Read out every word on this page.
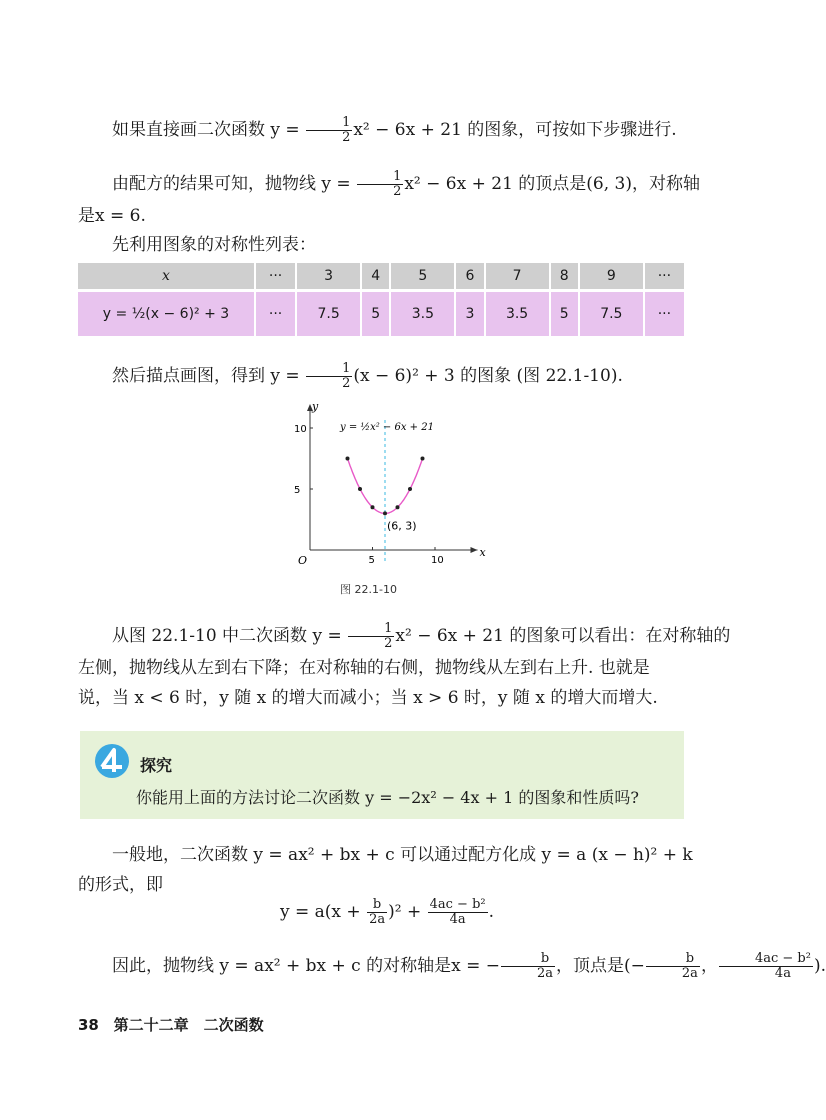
如果直接画二次函数 $y = \frac{1}{2} x^2 - 6x + 21$ 的图象，可按如下步骤进行.

由配方的结果可知，抛物线 $y = \frac{1}{2} x^2 - 6x + 21$ 的顶点是(6, 3)，对称轴

是x = 6.

先利用图象的对称性列表：

x	···	3	4	5	6	7	8	9	···
y = ½(x − 6)² + 3	···	7.5	5	3.5	3	3.5	5	7.5	···

然后描点画图，得到 $y = \frac{1}{2} (x - 6)^2 + 3$ 的图象 (图 22.1-10).

x
y
O	5
5
10
10
(6, 3)
y = ½x² − 6x + 21
图 22.1-10

从图 22.1-10 中二次函数 $y = \frac{1}{2} x^2 - 6x + 21$ 的图象可以看出：在对称轴的

左侧，抛物线从左到右下降；在对称轴的右侧，抛物线从左到右上升. 也就是

说，当 x < 6 时，y 随 x 的增大而减小；当 x > 6 时，y 随 x 的增大而增大.

探究
你能用上面的方法讨论二次函数 y = −2x² − 4x + 1 的图象和性质吗?

一般地，二次函数 y = ax² + bx + c 可以通过配方化成 y = a (x − h)² + k

的形式，即

$y = a(x + \frac{b}{2a} )^2 + \frac{\text{4ac − b²}}{4a}$ .

因此，抛物线 y = ax² + bx + c 的对称轴是x = − $\frac{b}{2a}$ ，顶点是(− $\frac{b}{2a}$ ， $\frac{\text{4ac − b²}}{4a}$ ).

38 第二十二章　二次函数
